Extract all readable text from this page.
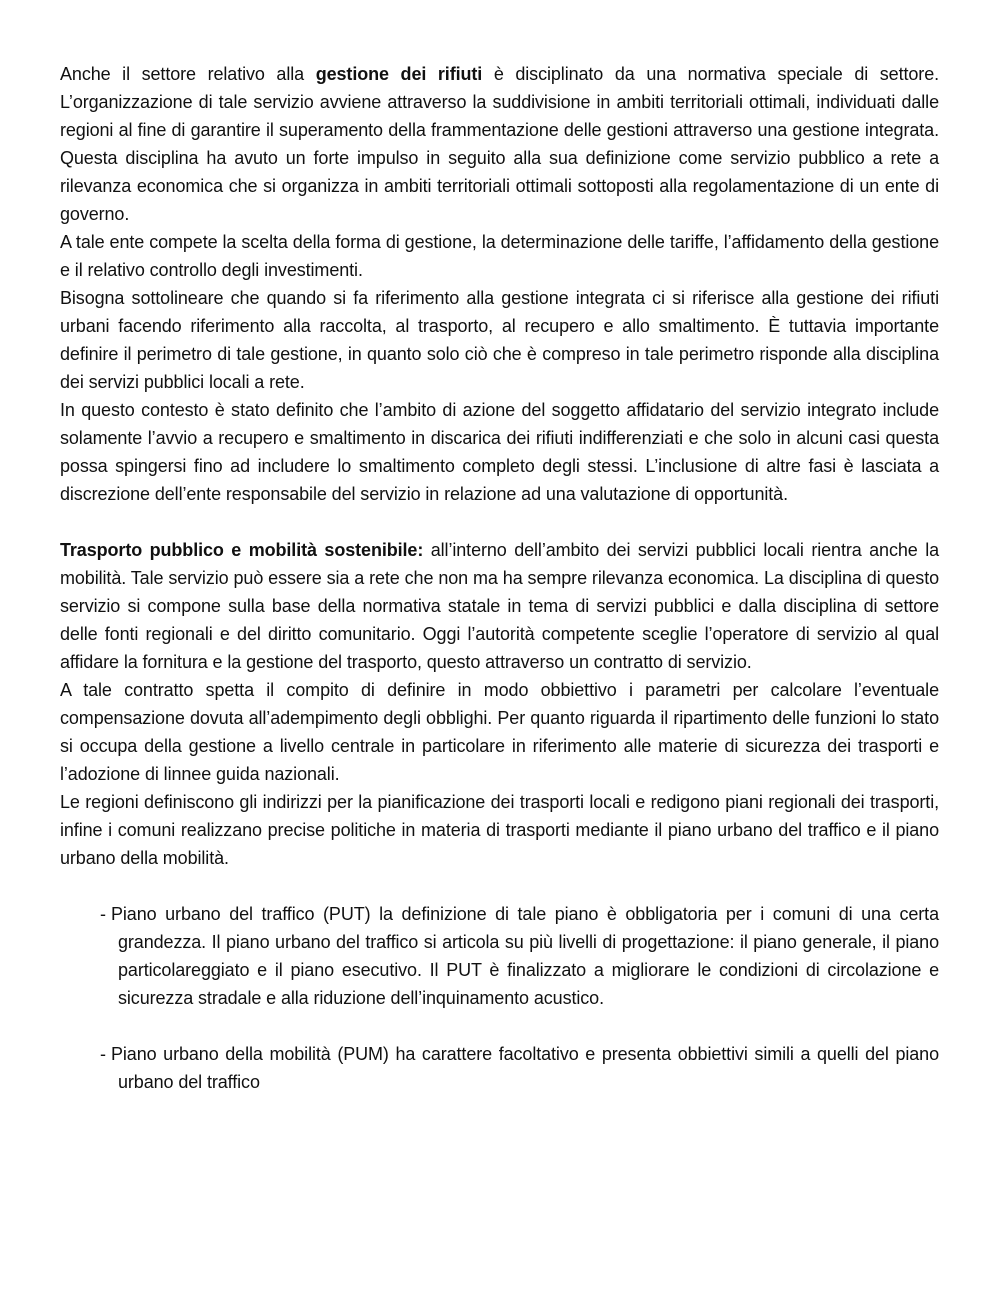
Anche il settore relativo alla gestione dei rifiuti è disciplinato da una normativa speciale di settore. L’organizzazione di tale servizio avviene attraverso la suddivisione in ambiti territoriali ottimali, individuati dalle regioni al fine di garantire il superamento della frammentazione delle gestioni attraverso una gestione integrata. Questa disciplina ha avuto un forte impulso in seguito alla sua definizione come servizio pubblico a rete a rilevanza economica che si organizza in ambiti territoriali ottimali sottoposti alla regolamentazione di un ente di governo.

A tale ente compete la scelta della forma di gestione, la determinazione delle tariffe, l’affidamento della gestione e il relativo controllo degli investimenti.

Bisogna sottolineare che quando si fa riferimento alla gestione integrata ci si riferisce alla gestione dei rifiuti urbani facendo riferimento alla raccolta, al trasporto, al recupero e allo smaltimento. È tuttavia importante definire il perimetro di tale gestione, in quanto solo ciò che è compreso in tale perimetro risponde alla disciplina dei servizi pubblici locali a rete.

In questo contesto è stato definito che l’ambito di azione del soggetto affidatario del servizio integrato include solamente l’avvio a recupero e smaltimento in discarica dei rifiuti indifferenziati e che solo in alcuni casi questa possa spingersi fino ad includere lo smaltimento completo degli stessi. L’inclusione di altre fasi è lasciata a discrezione dell’ente responsabile del servizio in relazione ad una valutazione di opportunità.

Trasporto pubblico e mobilità sostenibile: all’interno dell’ambito dei servizi pubblici locali rientra anche la mobilità. Tale servizio può essere sia a rete che non ma ha sempre rilevanza economica. La disciplina di questo servizio si compone sulla base della normativa statale in tema di servizi pubblici e dalla disciplina di settore delle fonti regionali e del diritto comunitario. Oggi l’autorità competente sceglie l’operatore di servizio al qual affidare la fornitura e la gestione del trasporto, questo attraverso un contratto di servizio.

A tale contratto spetta il compito di definire in modo obbiettivo i parametri per calcolare l’eventuale compensazione dovuta all’adempimento degli obblighi. Per quanto riguarda il ripartimento delle funzioni lo stato si occupa della gestione a livello centrale in particolare in riferimento alle materie di sicurezza dei trasporti e l’adozione di linnee guida nazionali.

Le regioni definiscono gli indirizzi per la pianificazione dei trasporti locali e redigono piani regionali dei trasporti, infine i comuni realizzano precise politiche in materia di trasporti mediante il piano urbano del traffico e il piano urbano della mobilità.

- Piano urbano del traffico (PUT) la definizione di tale piano è obbligatoria per i comuni di una certa grandezza. Il piano urbano del traffico si articola su più livelli di progettazione: il piano generale, il piano particolareggiato e il piano esecutivo. Il PUT è finalizzato a migliorare le condizioni di circolazione e sicurezza stradale e alla riduzione dell’inquinamento acustico.
- Piano urbano della mobilità (PUM) ha carattere facoltativo e presenta obbiettivi simili a quelli del piano urbano del traffico
